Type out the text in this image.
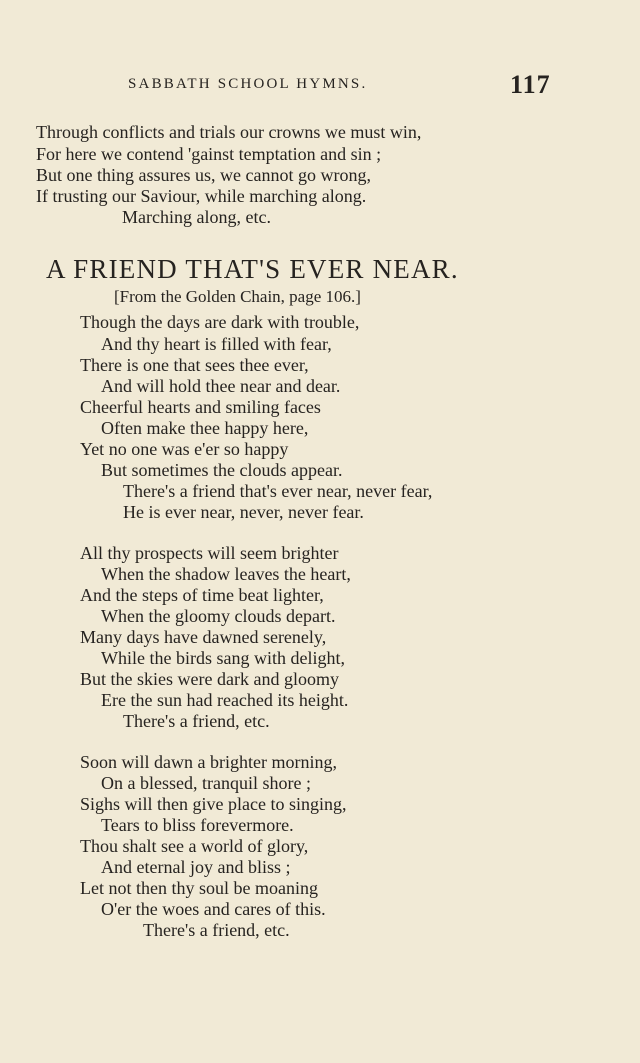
SABBATH SCHOOL HYMNS.	117
Through conflicts and trials our crowns we must win,
For here we contend 'gainst temptation and sin ;
But one thing assures us, we cannot go wrong,
If trusting our Saviour, while marching along.
Marching along, etc.
A FRIEND THAT'S EVER NEAR.
[From the Golden Chain, page 106.]
Though the days are dark with trouble,
And thy heart is filled with fear,
There is one that sees thee ever,
And will hold thee near and dear.
Cheerful hearts and smiling faces
Often make thee happy here,
Yet no one was e'er so happy
But sometimes the clouds appear.
There's a friend that's ever near, never fear,
He is ever near, never, never fear.
All thy prospects will seem brighter
When the shadow leaves the heart,
And the steps of time beat lighter,
When the gloomy clouds depart.
Many days have dawned serenely,
While the birds sang with delight,
But the skies were dark and gloomy
Ere the sun had reached its height.
There's a friend, etc.
Soon will dawn a brighter morning,
On a blessed, tranquil shore ;
Sighs will then give place to singing,
Tears to bliss forevermore.
Thou shalt see a world of glory,
And eternal joy and bliss ;
Let not then thy soul be moaning
O'er the woes and cares of this.
There's a friend, etc.
